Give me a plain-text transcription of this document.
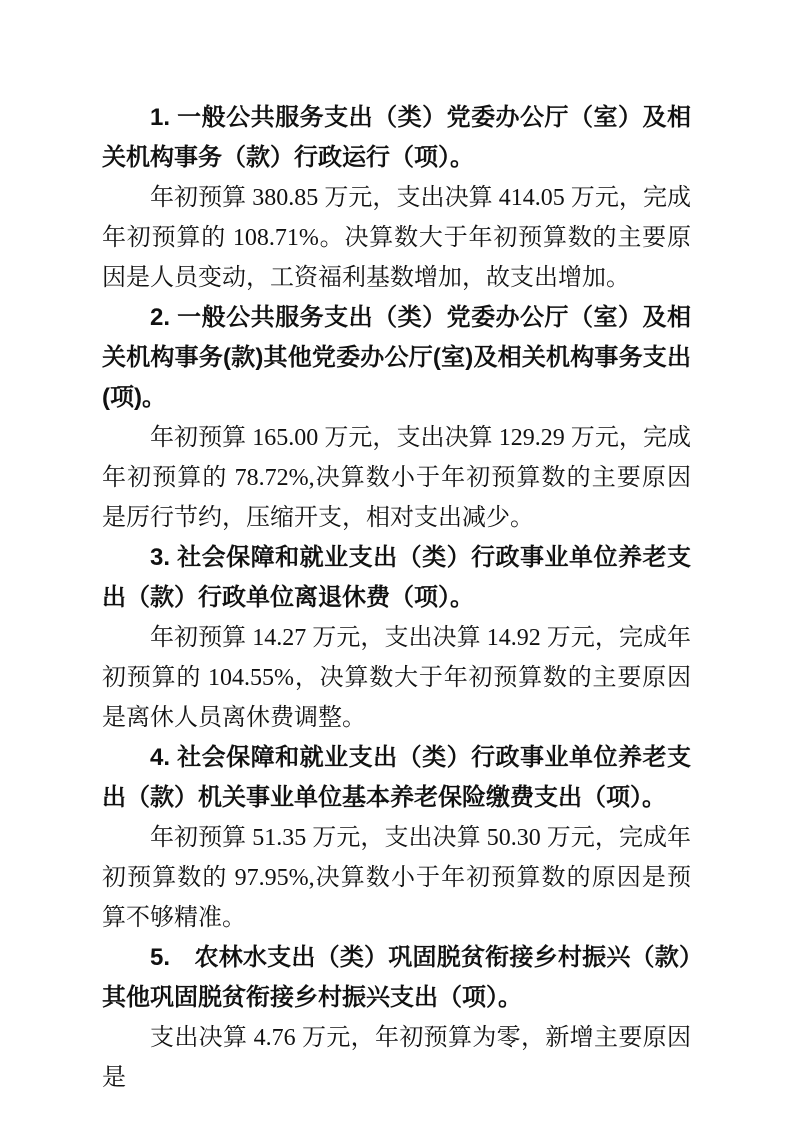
1. 一般公共服务支出（类）党委办公厅（室）及相关机构事务（款）行政运行（项）。

年初预算 380.85 万元，支出决算 414.05 万元，完成年初预算的 108.71%。决算数大于年初预算数的主要原因是人员变动，工资福利基数增加，故支出增加。

2. 一般公共服务支出（类）党委办公厅（室）及相关机构事务(款)其他党委办公厅(室)及相关机构事务支出(项)。

年初预算 165.00 万元，支出决算 129.29 万元，完成年初预算的 78.72%,决算数小于年初预算数的主要原因是厉行节约，压缩开支，相对支出减少。

3. 社会保障和就业支出（类）行政事业单位养老支出（款）行政单位离退休费（项）。

年初预算 14.27 万元，支出决算 14.92 万元，完成年初预算的 104.55%，决算数大于年初预算数的主要原因是离休人员离休费调整。

4. 社会保障和就业支出（类）行政事业单位养老支出（款）机关事业单位基本养老保险缴费支出（项）。

年初预算 51.35 万元，支出决算 50.30 万元，完成年初预算数的 97.95%,决算数小于年初预算数的原因是预算不够精准。

5.　农林水支出（类）巩固脱贫衔接乡村振兴（款）其他巩固脱贫衔接乡村振兴支出（项）。

支出决算 4.76 万元，年初预算为零，新增主要原因是
